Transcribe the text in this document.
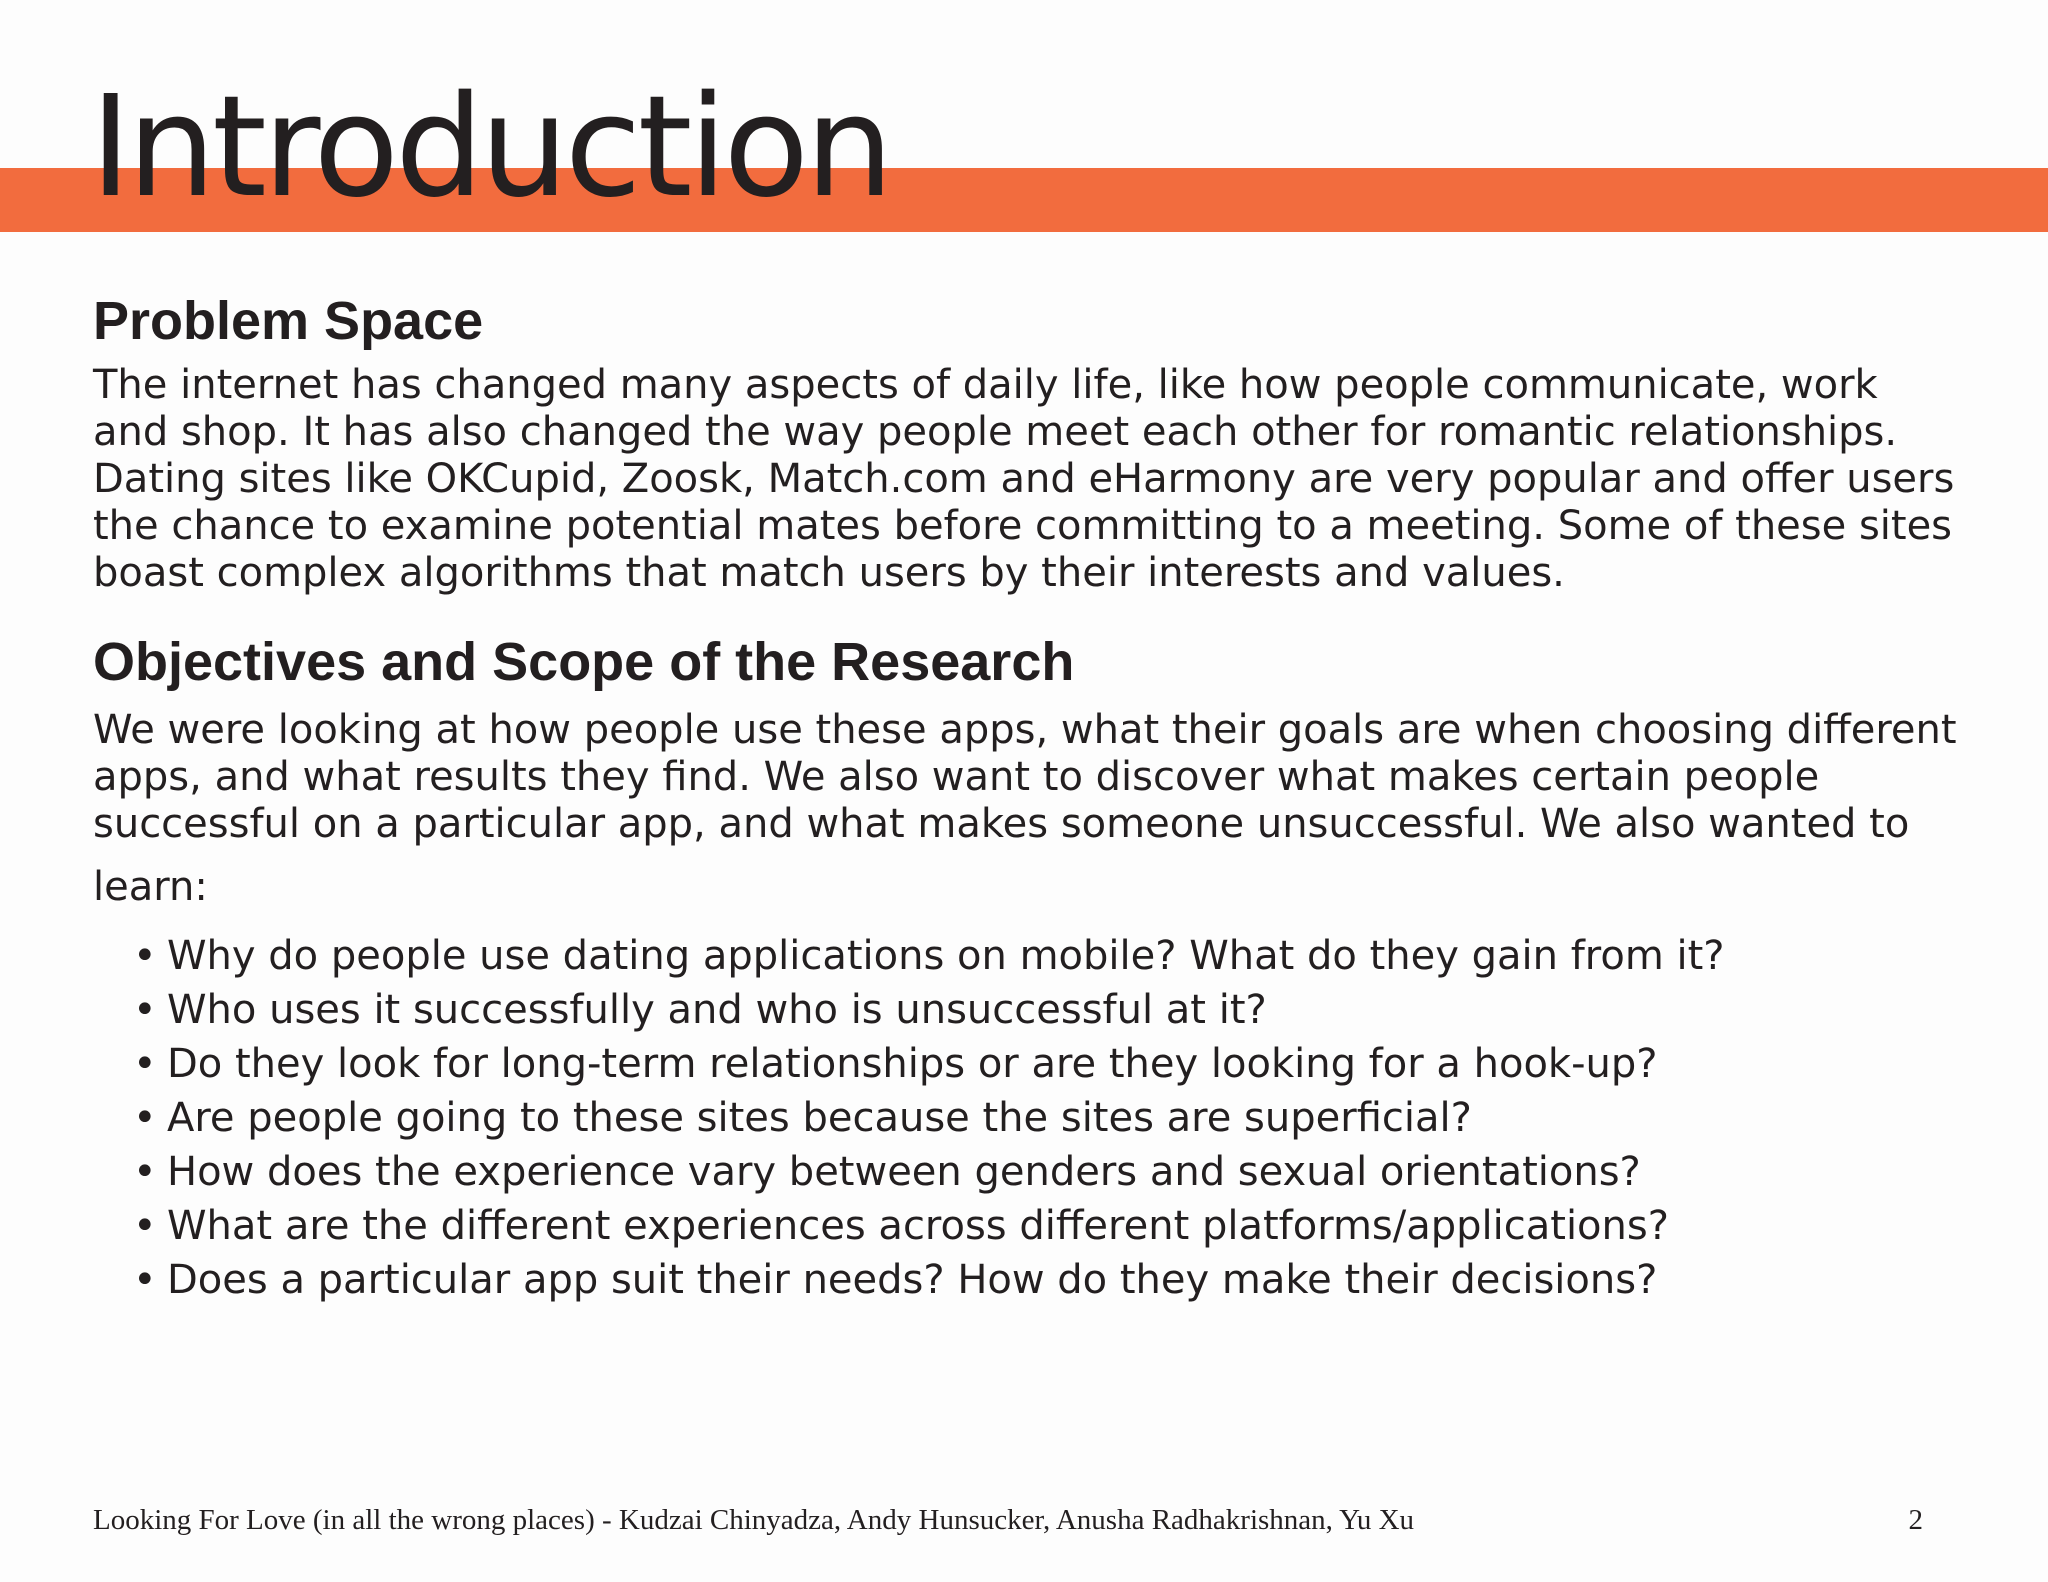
Introduction
Problem Space

The internet has changed many aspects of daily life, like how people communicate, work and shop. It has also changed the way people meet each other for romantic relationships. Dating sites like OKCupid, Zoosk, Match.com and eHarmony are very popular and offer users the chance to examine potential mates before committing to a meeting. Some of these sites boast complex algorithms that match users by their interests and values.

Objectives and Scope of the Research

We were looking at how people use these apps, what their goals are when choosing different apps, and what results they find. We also want to discover what makes certain people successful on a particular app, and what makes someone unsuccessful. We also wanted to
learn:

• Why do people use dating applications on mobile? What do they gain from it?
• Who uses it successfully and who is unsuccessful at it?
• Do they look for long-term relationships or are they looking for a hook-up?
• Are people going to these sites because the sites are superficial?
• How does the experience vary between genders and sexual orientations?
• What are the different experiences across different platforms/applications?
• Does a particular app suit their needs? How do they make their decisions?
Looking For Love (in all the wrong places) - Kudzai Chinyadza, Andy Hunsucker, Anusha Radhakrishnan, Yu Xu	2
